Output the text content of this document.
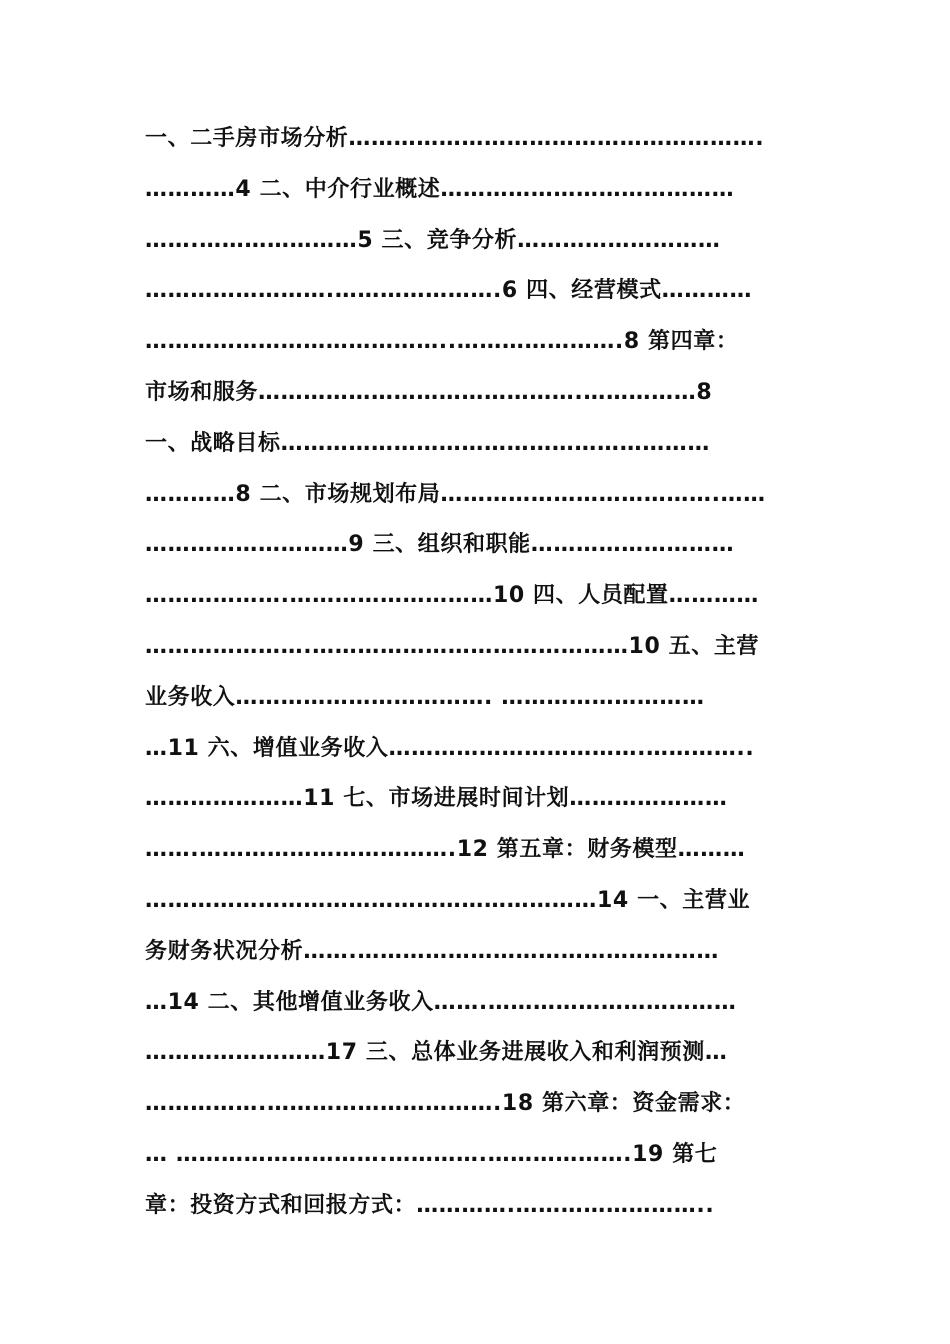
一、二手房市场分析……………………………………………….
…………4 二、中介行业概述…………………………………
…….…………………5 三、竞争分析………………………
…………………….………………….6 四、经营模式…………
…………………………………..………………….8 第四章：
市场和服务…………………………………….……………8
一、战略目标…………………………………………………
…………8 二、市场规划布局……………………………….……
………………………9 三、组织和职能………………………
……………….………………………10 四、人员配置…………
………………….……………………………………10 五、主营
业务收入……………………………. ………………………
…11 六、增值业务收入…………………………….…………..
…………………11 七、市场进展时间计划…………………
…….…………………………….12 第五章：财务模型………
……………………………………………………14 一、主营业
务财务状况分析…….…………………………………………
…14 二、其他增值业务收入…….……………………………
……………………17 三、总体业务进展收入和利润预测…
…………….………………………….18 第六章：资金需求：
… ……………………….………….……………….19 第七
章：投资方式和回报方式：………….……………………..
